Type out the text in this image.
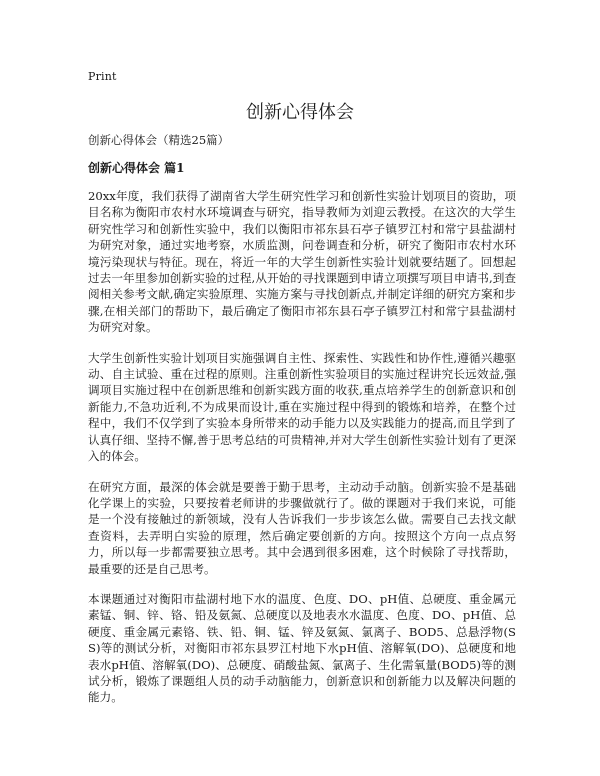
Print
创新心得体会
创新心得体会（精选25篇）
创新心得体会 篇1

20xx年度，我们获得了湖南省大学生研究性学习和创新性实验计划项目的资助，项目名称为衡阳市农村水环境调查与研究，指导教师为刘迎云教授。在这次的大学生研究性学习和创新性实验中，我们以衡阳市祁东县石亭子镇罗江村和常宁县盐湖村为研究对象，通过实地考察，水质监测，问卷调查和分析，研究了衡阳市农村水环境污染现状与特征。现在，将近一年的大学生创新性实验计划就要结题了。回想起过去一年里参加创新实验的过程,从开始的寻找课题到申请立项撰写项目申请书,到查阅相关参考文献,确定实验原理、实施方案与寻找创新点,并制定详细的研究方案和步骤,在相关部门的帮助下，最后确定了衡阳市祁东县石亭子镇罗江村和常宁县盐湖村为研究对象。

大学生创新性实验计划项目实施强调自主性、探索性、实践性和协作性,遵循兴趣驱动、自主试验、重在过程的原则。注重创新性实验项目的实施过程讲究长远效益,强调项目实施过程中在创新思维和创新实践方面的收获,重点培养学生的创新意识和创新能力,不急功近利,不为成果而设计,重在实施过程中得到的锻炼和培养，在整个过程中，我们不仅学到了实验本身所带来的动手能力以及实践能力的提高,而且学到了认真仔细、坚持不懈,善于思考总结的可贵精神,并对大学生创新性实验计划有了更深入的体会。

在研究方面，最深的体会就是要善于勤于思考，主动动手动脑。创新实验不是基础化学课上的实验，只要按着老师讲的步骤做就行了。做的课题对于我们来说，可能是一个没有接触过的新领域，没有人告诉我们一步步该怎么做。需要自己去找文献查资料，去弄明白实验的原理，然后确定要创新的方向。按照这个方向一点点努力，所以每一步都需要独立思考。其中会遇到很多困难，这个时候除了寻找帮助，最重要的还是自己思考。

本课题通过对衡阳市盐湖村地下水的温度、色度、DO、pH值、总硬度、重金属元素锰、铜、锌、铬、铅及氨氮、总硬度以及地表水水温度、色度、DO、pH值、总硬度、重金属元素铬、铁、铅、铜、锰、锌及氨氮、氯离子、BOD5、总悬浮物(SS)等的测试分析，对衡阳市祁东县罗江村地下水pH值、溶解氧(DO)、总硬度和地表水pH值、溶解氧(DO)、总硬度、硝酸盐氮、氯离子、生化需氧量(BOD5)等的测试分析，锻炼了课题组人员的动手动脑能力，创新意识和创新能力以及解决问题的能力。
